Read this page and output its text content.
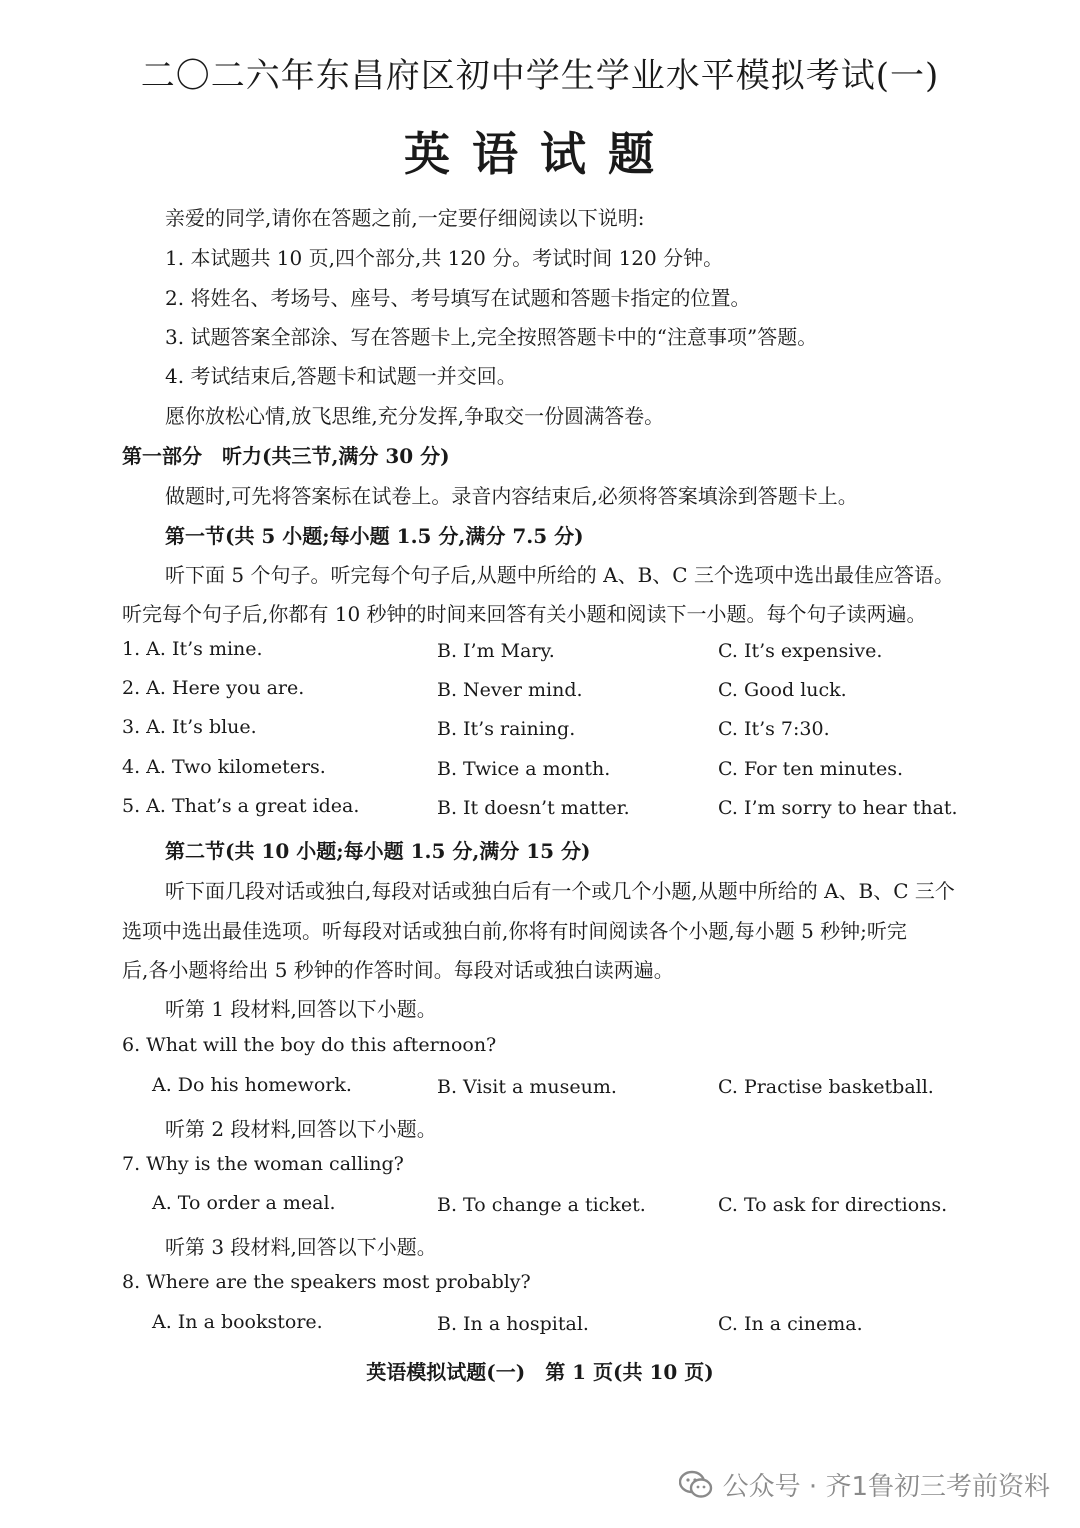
二〇二六年东昌府区初中学生学业水平模拟考试(一)
英语试题
亲爱的同学,请你在答题之前,一定要仔细阅读以下说明:
1. 本试题共 10 页,四个部分,共 120 分。考试时间 120 分钟。
2. 将姓名、考场号、座号、考号填写在试题和答题卡指定的位置。
3. 试题答案全部涂、写在答题卡上,完全按照答题卡中的“注意事项”答题。
4. 考试结束后,答题卡和试题一并交回。
愿你放松心情,放飞思维,充分发挥,争取交一份圆满答卷。
第一部分　听力(共三节,满分 30 分)
做题时,可先将答案标在试卷上。录音内容结束后,必须将答案填涂到答题卡上。
第一节(共 5 小题;每小题 1.5 分,满分 7.5 分)
听下面 5 个句子。听完每个句子后,从题中所给的 A、B、C 三个选项中选出最佳应答语。
听完每个句子后,你都有 10 秒钟的时间来回答有关小题和阅读下一小题。每个句子读两遍。
1. A. It’s mine.	B. I’m Mary.	C. It’s expensive.
2. A. Here you are.	B. Never mind.	C. Good luck.
3. A. It’s blue.	B. It’s raining.	C. It’s 7:30.
4. A. Two kilometers.	B. Twice a month.	C. For ten minutes.
5. A. That’s a great idea.	B. It doesn’t matter.	C. I’m sorry to hear that.
第二节(共 10 小题;每小题 1.5 分,满分 15 分)
听下面几段对话或独白,每段对话或独白后有一个或几个小题,从题中所给的 A、B、C 三个
选项中选出最佳选项。听每段对话或独白前,你将有时间阅读各个小题,每小题 5 秒钟;听完
后,各小题将给出 5 秒钟的作答时间。每段对话或独白读两遍。
听第 1 段材料,回答以下小题。
6. What will the boy do this afternoon?
A. Do his homework.	B. Visit a museum.	C. Practise basketball.
听第 2 段材料,回答以下小题。
7. Why is the woman calling?
A. To order a meal.	B. To change a ticket.	C. To ask for directions.
听第 3 段材料,回答以下小题。
8. Where are the speakers most probably?
A. In a bookstore.	B. In a hospital.	C. In a cinema.
英语模拟试题(一)　第 1 页(共 10 页)
公众号 · 齐1鲁初三考前资料
